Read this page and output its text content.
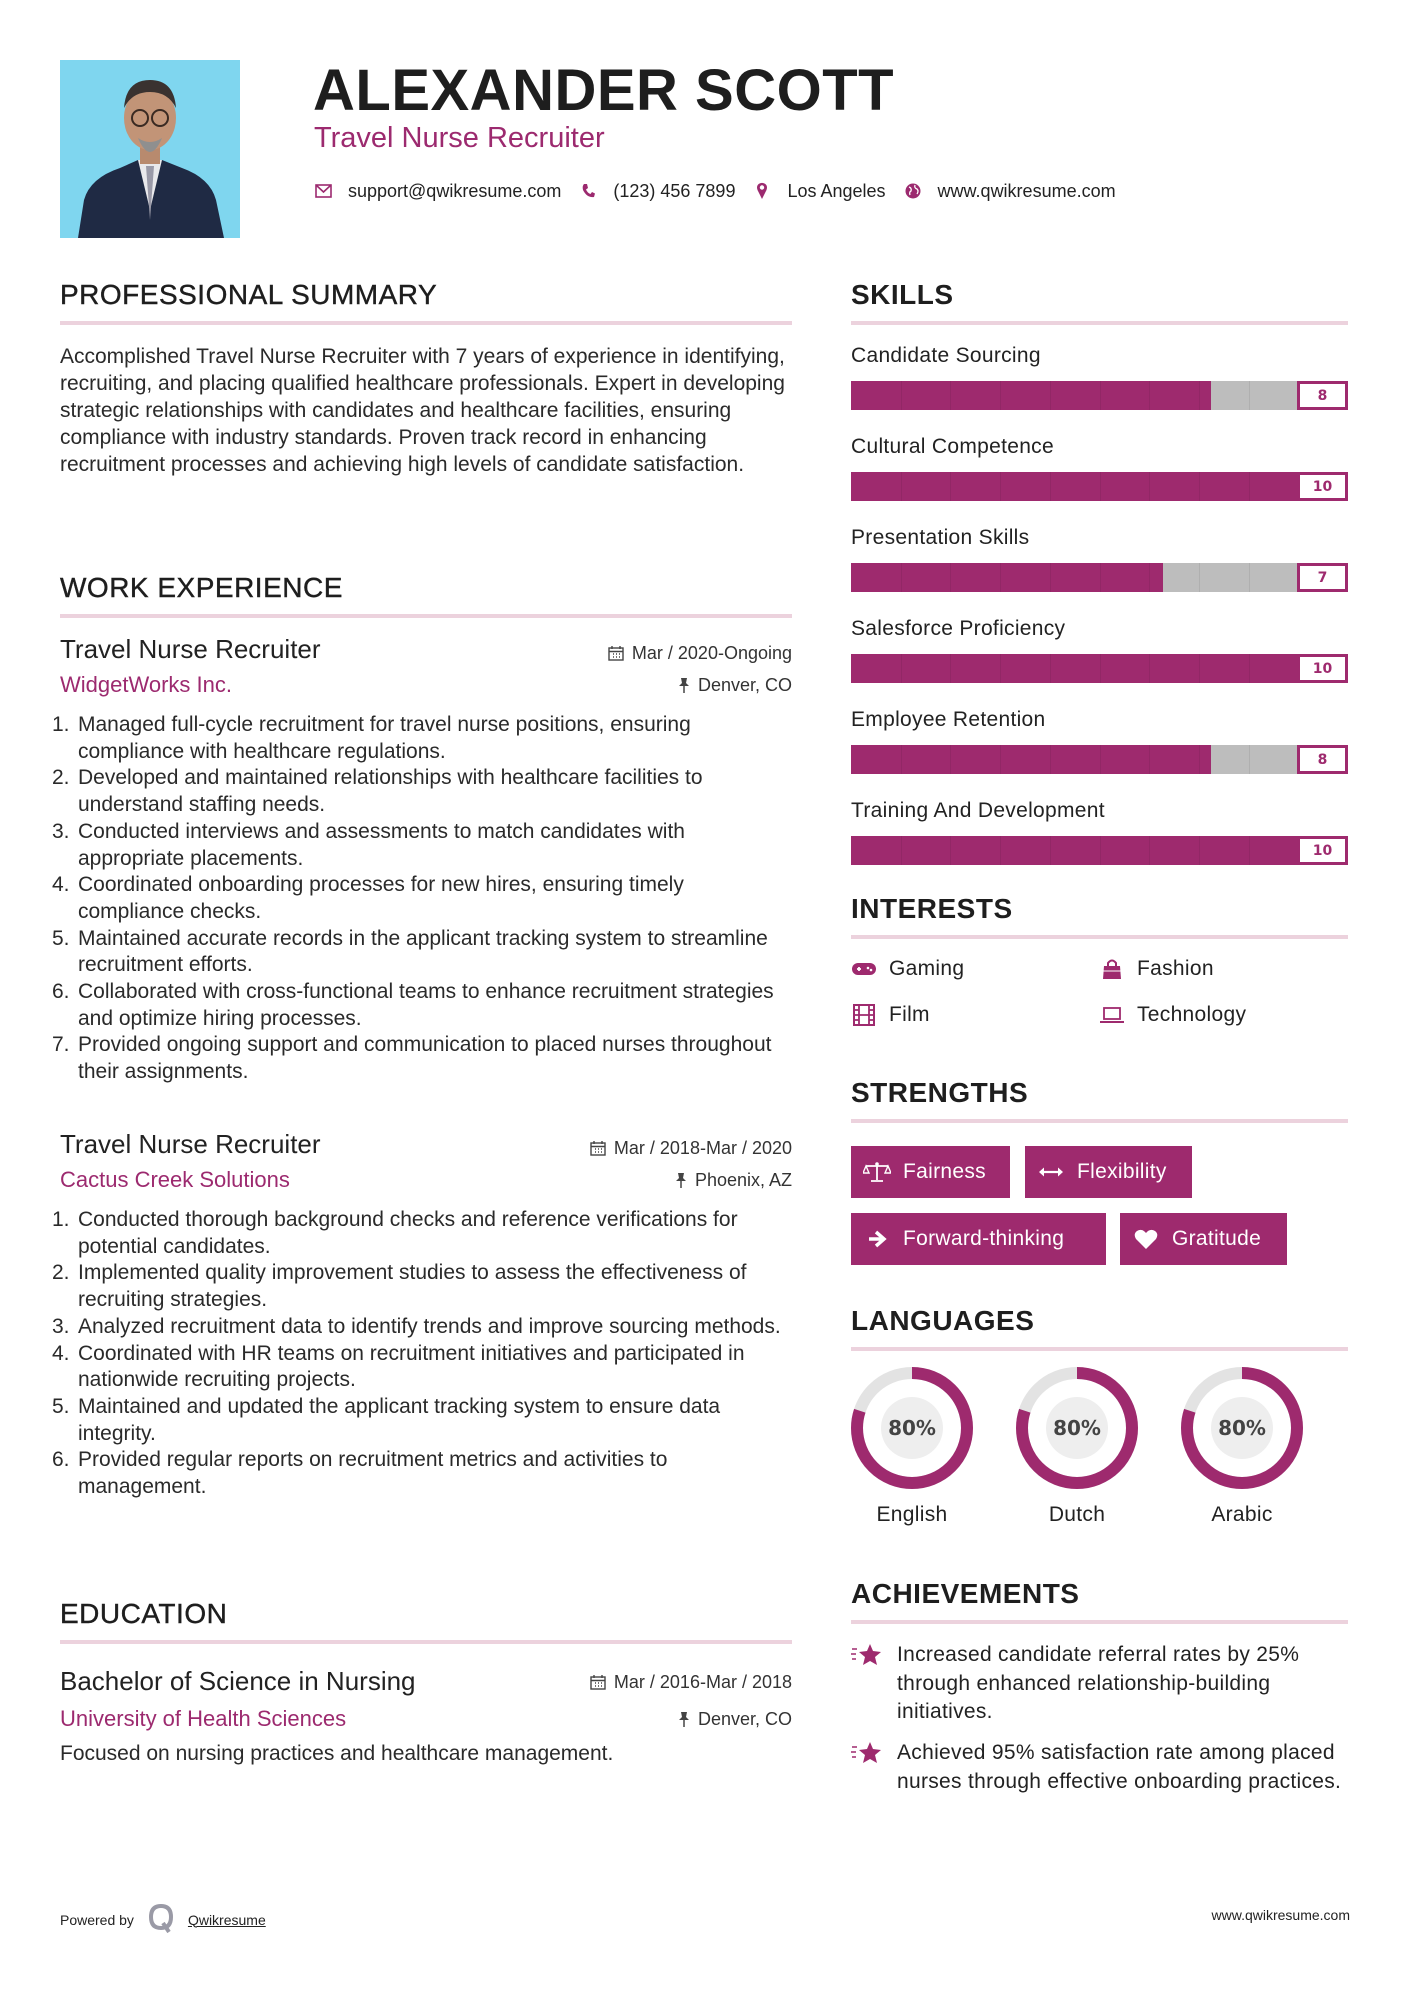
ALEXANDER SCOTT
Travel Nurse Recruiter
support@qwikresume.com	(123) 456 7899	Los Angeles	www.qwikresume.com
PROFESSIONAL SUMMARY
Accomplished Travel Nurse Recruiter with 7 years of experience in identifying, recruiting, and placing qualified healthcare professionals. Expert in developing strategic relationships with candidates and healthcare facilities, ensuring compliance with industry standards. Proven track record in enhancing recruitment processes and achieving high levels of candidate satisfaction.
WORK EXPERIENCE
Travel Nurse Recruiter	Mar / 2020-Ongoing
WidgetWorks Inc.	Denver, CO
1. Managed full-cycle recruitment for travel nurse positions, ensuring compliance with healthcare regulations.
2. Developed and maintained relationships with healthcare facilities to understand staffing needs.
3. Conducted interviews and assessments to match candidates with appropriate placements.
4. Coordinated onboarding processes for new hires, ensuring timely compliance checks.
5. Maintained accurate records in the applicant tracking system to streamline recruitment efforts.
6. Collaborated with cross-functional teams to enhance recruitment strategies and optimize hiring processes.
7. Provided ongoing support and communication to placed nurses throughout their assignments.
Travel Nurse Recruiter	Mar / 2018-Mar / 2020
Cactus Creek Solutions	Phoenix, AZ
1. Conducted thorough background checks and reference verifications for potential candidates.
2. Implemented quality improvement studies to assess the effectiveness of recruiting strategies.
3. Analyzed recruitment data to identify trends and improve sourcing methods.
4. Coordinated with HR teams on recruitment initiatives and participated in nationwide recruiting projects.
5. Maintained and updated the applicant tracking system to ensure data integrity.
6. Provided regular reports on recruitment metrics and activities to management.
EDUCATION
Bachelor of Science in Nursing	Mar / 2016-Mar / 2018
University of Health Sciences	Denver, CO
Focused on nursing practices and healthcare management.
SKILLS
Candidate Sourcing
8
Cultural Competence
10
Presentation Skills
7
Salesforce Proficiency
10
Employee Retention
8
Training And Development
10
INTERESTS
Gaming	Fashion
Film	Technology
STRENGTHS
Fairness	Flexibility
Forward-thinking	Gratitude
LANGUAGES
80%
English
80%
Dutch
80%
Arabic
ACHIEVEMENTS
Increased candidate referral rates by 25% through enhanced relationship-building initiatives.
Achieved 95% satisfaction rate among placed nurses through effective onboarding practices.
Powered by	Qwikresume	www.qwikresume.com
